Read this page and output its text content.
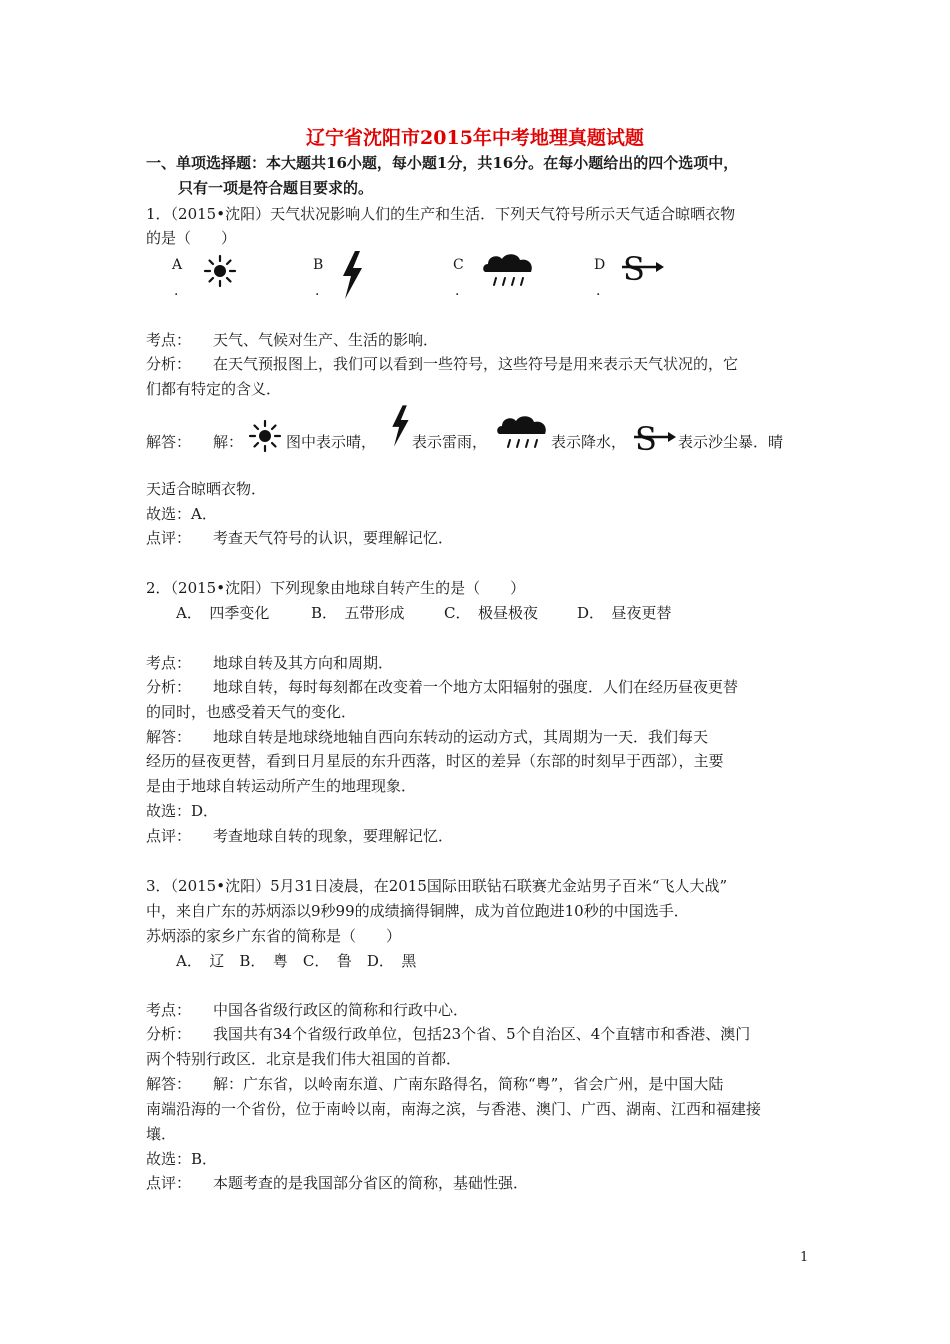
辽宁省沈阳市2015年中考地理真题试题
一、单项选择题：本大题共16小题，每小题1分，共16分。在每小题给出的四个选项中，
只有一项是符合题目要求的。
1．（2015•沈阳）天气状况影响人们的生产和生活．下列天气符号所示天气适合晾晒衣物
的是（　　）
A
.
B
.
C
.
D
.
S
考点： 天气、气候对生产、生活的影响．
分析： 在天气预报图上，我们可以看到一些符号，这些符号是用来表示天气状况的，它
们都有特定的含义．
解答： 解：	图中表示晴， 表示雷雨，	表示降水， S 表示沙尘暴．晴
天适合晾晒衣物．
故选：A．
点评： 考查天气符号的认识，要理解记忆．
2．（2015•沈阳）下列现象由地球自转产生的是（　　）
A．　四季变化	B．　五带形成	C．　极昼极夜	D．　昼夜更替
考点： 地球自转及其方向和周期．
分析： 地球自转，每时每刻都在改变着一个地方太阳辐射的强度．人们在经历昼夜更替
的同时，也感受着天气的变化．
解答： 地球自转是地球绕地轴自西向东转动的运动方式，其周期为一天．我们每天
经历的昼夜更替，看到日月星辰的东升西落，时区的差异（东部的时刻早于西部），主要
是由于地球自转运动所产生的地理现象．
故选：D．
点评： 考查地球自转的现象，要理解记忆．
3．（2015•沈阳）5月31日凌晨，在2015国际田联钻石联赛尤金站男子百米“飞人大战”
中，来自广东的苏炳添以9秒99的成绩摘得铜牌，成为首位跑进10秒的中国选手．
苏炳添的家乡广东省的简称是（　　）
A．　辽　B．　粤　C．　鲁　D．　黑
考点： 中国各省级行政区的简称和行政中心．
分析： 我国共有34个省级行政单位，包括23个省、5个自治区、4个直辖市和香港、澳门
两个特别行政区．北京是我们伟大祖国的首都．
解答： 解：广东省，以岭南东道、广南东路得名，简称“粤”，省会广州，是中国大陆
南端沿海的一个省份，位于南岭以南，南海之滨，与香港、澳门、广西、湖南、江西和福建接
壤．
故选：B．
点评： 本题考查的是我国部分省区的简称，基础性强．
1
